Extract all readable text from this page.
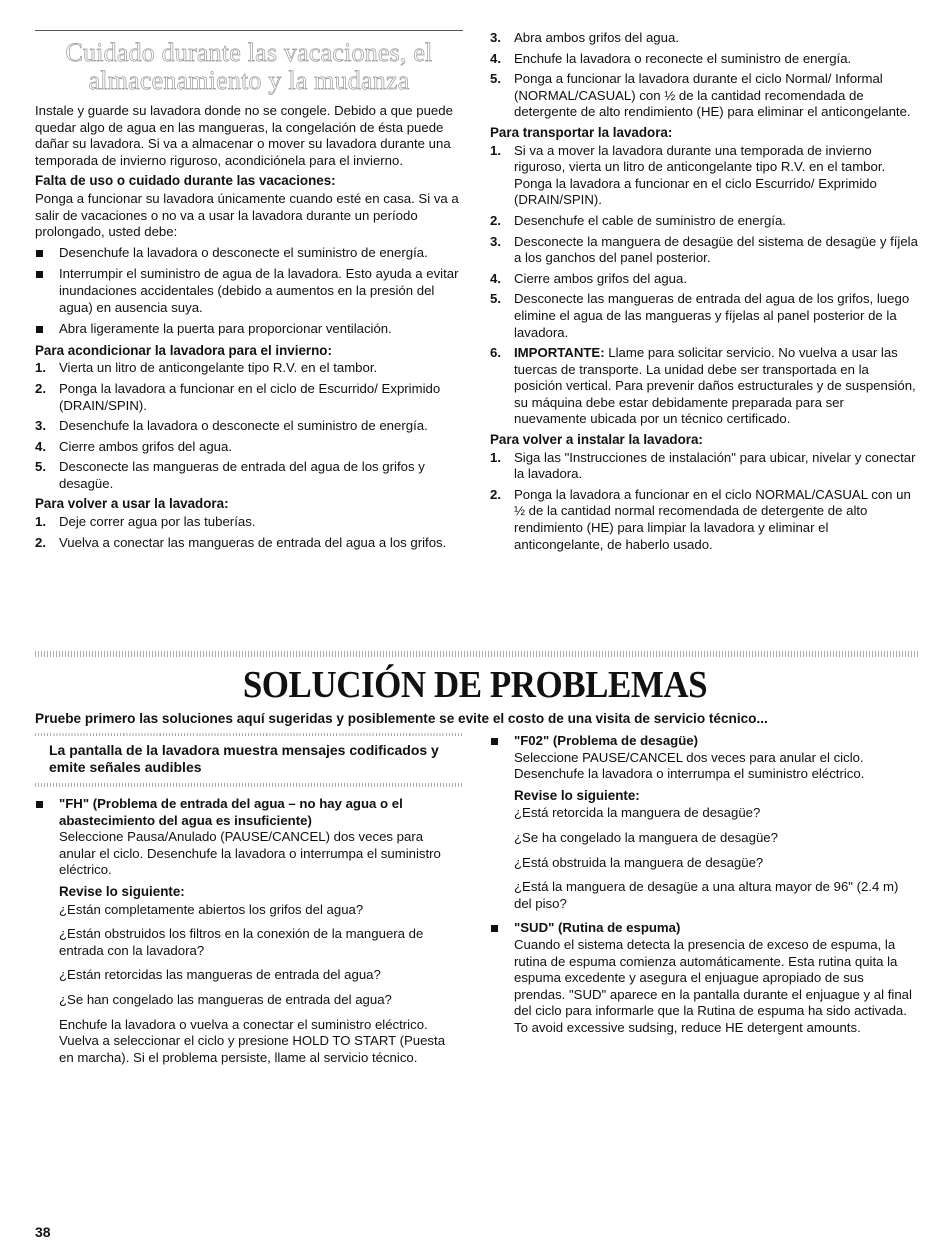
Cuidado durante las vacaciones, el almacenamiento y la mudanza

Instale y guarde su lavadora donde no se congele. Debido a que puede quedar algo de agua en las mangueras, la congelación de ésta puede dañar su lavadora. Si va a almacenar o mover su lavadora durante una temporada de invierno riguroso, acondiciónela para el invierno.

Falta de uso o cuidado durante las vacaciones:

Ponga a funcionar su lavadora únicamente cuando esté en casa. Si va a salir de vacaciones o no va a usar la lavadora durante un período prolongado, usted debe:

Desenchufe la lavadora o desconecte el suministro de energía.
Interrumpir el suministro de agua de la lavadora. Esto ayuda a evitar inundaciones accidentales (debido a aumentos en la presión del agua) en ausencia suya.
Abra ligeramente la puerta para proporcionar ventilación.
Para acondicionar la lavadora para el invierno:
1. Vierta un litro de anticongelante tipo R.V. en el tambor.
2. Ponga la lavadora a funcionar en el ciclo de Escurrido/ Exprimido (DRAIN/SPIN).
3. Desenchufe la lavadora o desconecte el suministro de energía.
4. Cierre ambos grifos del agua.
5. Desconecte las mangueras de entrada del agua de los grifos y desagüe.
Para volver a usar la lavadora:
1. Deje correr agua por las tuberías.
2. Vuelva a conectar las mangueras de entrada del agua a los grifos.
3. Abra ambos grifos del agua.
4. Enchufe la lavadora o reconecte el suministro de energía.
5. Ponga a funcionar la lavadora durante el ciclo Normal/ Informal (NORMAL/CASUAL) con ½ de la cantidad recomendada de detergente de alto rendimiento (HE) para eliminar el anticongelante.
Para transportar la lavadora:
1. Si va a mover la lavadora durante una temporada de invierno riguroso, vierta un litro de anticongelante tipo R.V. en el tambor. Ponga la lavadora a funcionar en el ciclo Escurrido/ Exprimido (DRAIN/SPIN).
2. Desenchufe el cable de suministro de energía.
3. Desconecte la manguera de desagüe del sistema de desagüe y fíjela a los ganchos del panel posterior.
4. Cierre ambos grifos del agua.
5. Desconecte las mangueras de entrada del agua de los grifos, luego elimine el agua de las mangueras y fíjelas al panel posterior de la lavadora.
6. IMPORTANTE: Llame para solicitar servicio. No vuelva a usar las tuercas de transporte. La unidad debe ser transportada en la posición vertical. Para prevenir daños estructurales y de suspensión, su máquina debe estar debidamente preparada para ser nuevamente ubicada por un técnico certificado.
Para volver a instalar la lavadora:
1. Siga las "Instrucciones de instalación" para ubicar, nivelar y conectar la lavadora.
2. Ponga la lavadora a funcionar en el ciclo NORMAL/CASUAL con un ½ de la cantidad normal recomendada de detergente de alto rendimiento (HE) para limpiar la lavadora y eliminar el anticongelante, de haberlo usado.
SOLUCIÓN DE PROBLEMAS
Pruebe primero las soluciones aquí sugeridas y posiblemente se evite el costo de una visita de servicio técnico...
La pantalla de la lavadora muestra mensajes codificados y emite señales audibles
"FH" (Problema de entrada del agua – no hay agua o el abastecimiento del agua es insuficiente)
Seleccione Pausa/Anulado (PAUSE/CANCEL) dos veces para anular el ciclo. Desenchufe la lavadora o interrumpa el suministro eléctrico.
Revise lo siguiente:

¿Están completamente abiertos los grifos del agua?

¿Están obstruidos los filtros en la conexión de la manguera de entrada con la lavadora?

¿Están retorcidas las mangueras de entrada del agua?

¿Se han congelado las mangueras de entrada del agua?

Enchufe la lavadora o vuelva a conectar el suministro eléctrico. Vuelva a seleccionar el ciclo y presione HOLD TO START (Puesta en marcha). Si el problema persiste, llame al servicio técnico.

"F02" (Problema de desagüe)
Seleccione PAUSE/CANCEL dos veces para anular el ciclo. Desenchufe la lavadora o interrumpa el suministro eléctrico.
Revise lo siguiente:

¿Está retorcida la manguera de desagüe?

¿Se ha congelado la manguera de desagüe?

¿Está obstruida la manguera de desagüe?

¿Está la manguera de desagüe a una altura mayor de 96" (2.4 m) del piso?

"SUD" (Rutina de espuma)
Cuando el sistema detecta la presencia de exceso de espuma, la rutina de espuma comienza automáticamente. Esta rutina quita la espuma excedente y asegura el enjuague apropiado de sus prendas. "SUD" aparece en la pantalla durante el enjuague y al final del ciclo para informarle que la Rutina de espuma ha sido activada. To avoid excessive sudsing, reduce HE detergent amounts.
38
